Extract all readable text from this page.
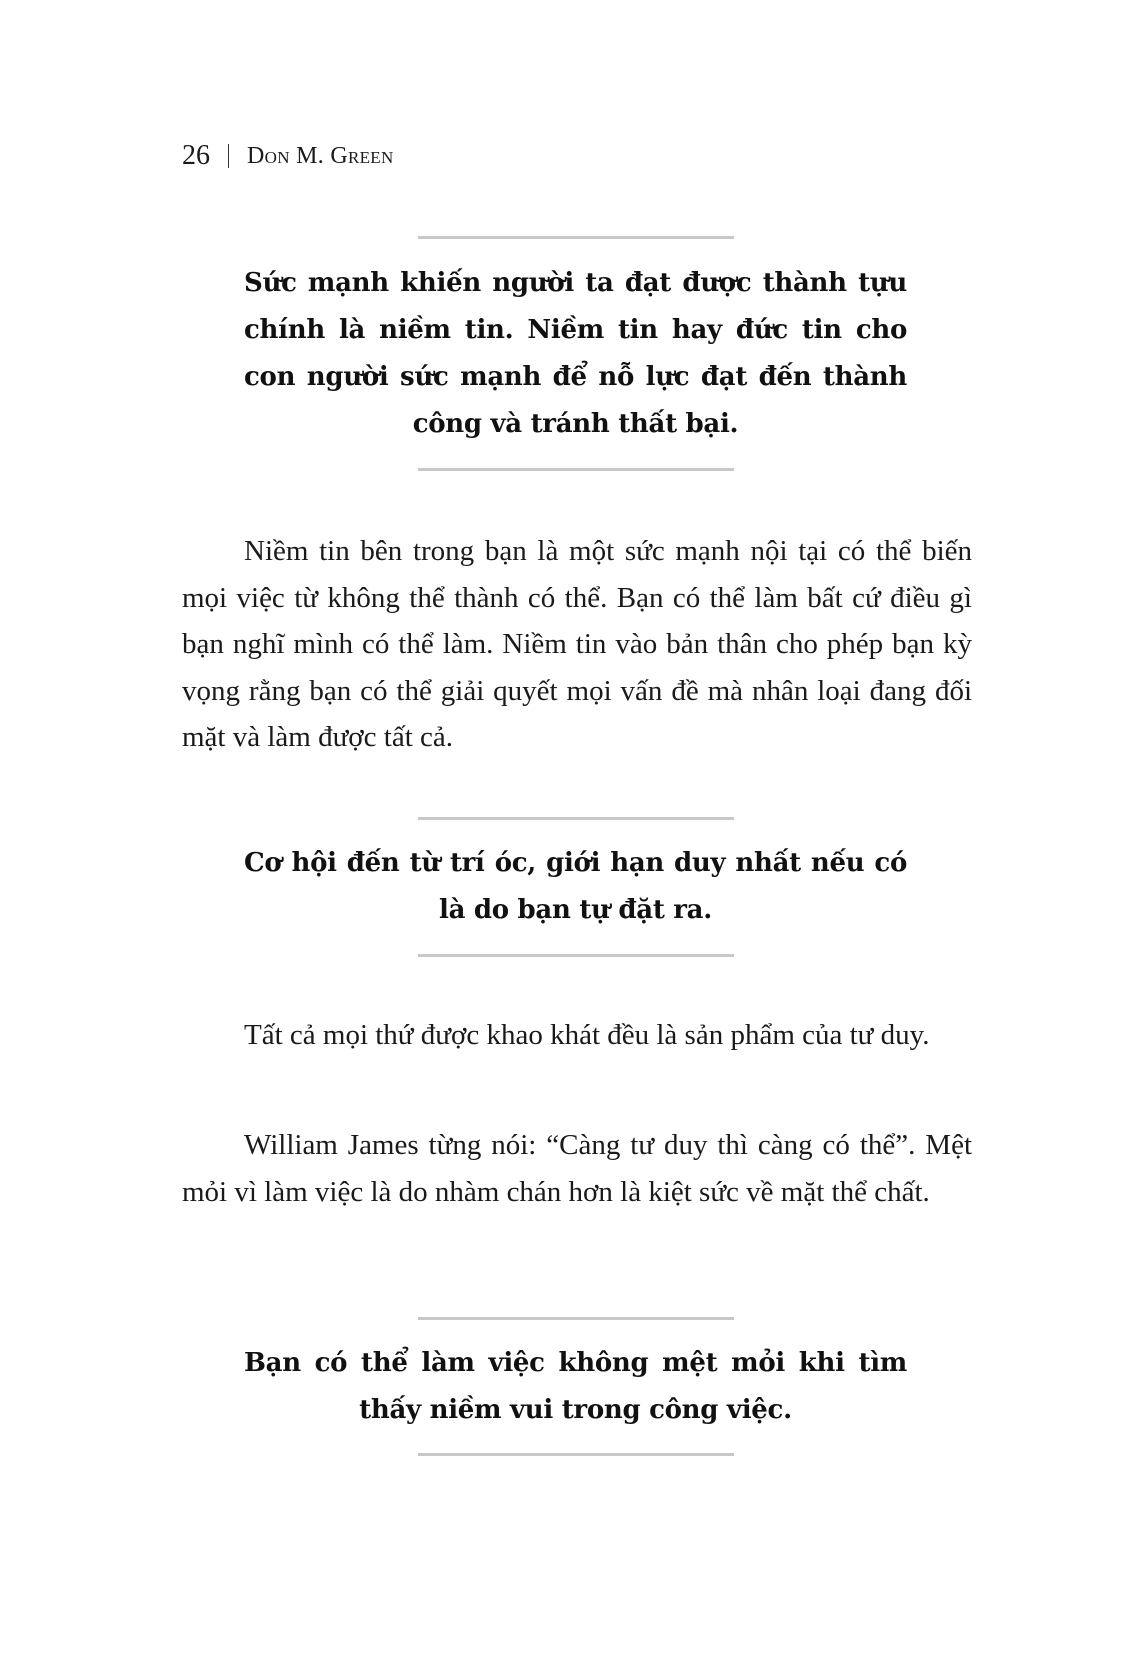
26 Don M. Green
Sức mạnh khiến người ta đạt được thành tựu chính là niềm tin. Niềm tin hay đức tin cho con người sức mạnh để nỗ lực đạt đến thành công và tránh thất bại.

Niềm tin bên trong bạn là một sức mạnh nội tại có thể biến mọi việc từ không thể thành có thể. Bạn có thể làm bất cứ điều gì bạn nghĩ mình có thể làm. Niềm tin vào bản thân cho phép bạn kỳ vọng rằng bạn có thể giải quyết mọi vấn đề mà nhân loại đang đối mặt và làm được tất cả.

Cơ hội đến từ trí óc, giới hạn duy nhất nếu có là do bạn tự đặt ra.

Tất cả mọi thứ được khao khát đều là sản phẩm của tư duy.

William James từng nói: “Càng tư duy thì càng có thể”. Mệt mỏi vì làm việc là do nhàm chán hơn là kiệt sức về mặt thể chất.

Bạn có thể làm việc không mệt mỏi khi tìm thấy niềm vui trong công việc.
